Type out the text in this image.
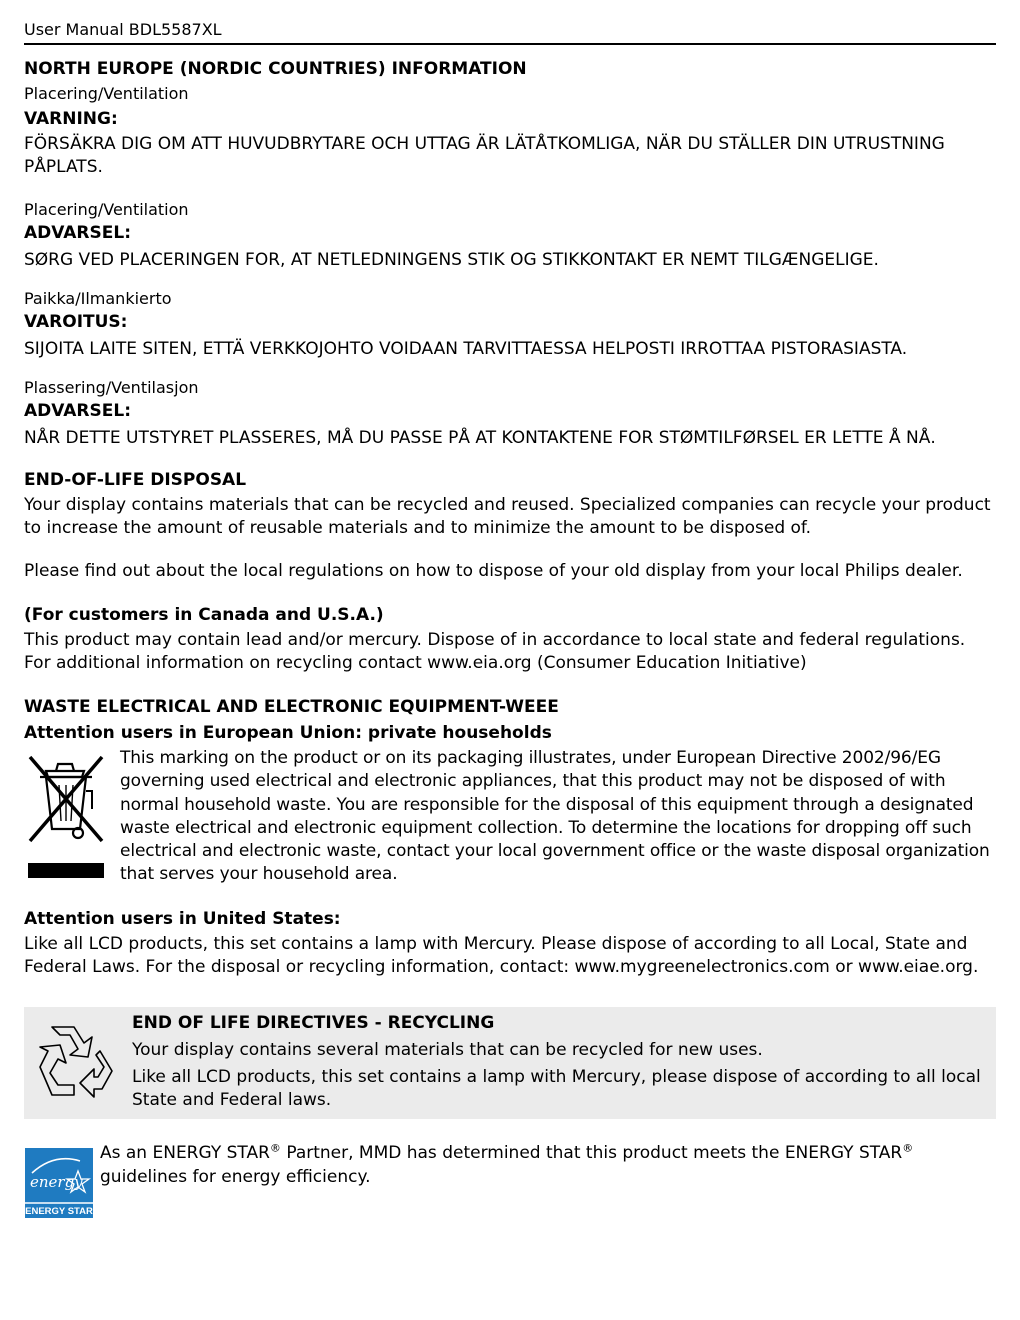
User Manual BDL5587XL
NORTH EUROPE (NORDIC COUNTRIES) INFORMATION
Placering/Ventilation
VARNING:

FÖRSÄKRA DIG OM ATT HUVUDBRYTARE OCH UTTAG ÄR LÄTÅTKOMLIGA, NÄR DU STÄLLER DIN UTRUSTNING PÅPLATS.

Placering/Ventilation
ADVARSEL:

SØRG VED PLACERINGEN FOR, AT NETLEDNINGENS STIK OG STIKKONTAKT ER NEMT TILGÆNGELIGE.

Paikka/Ilmankierto
VAROITUS:

SIJOITA LAITE SITEN, ETTÄ VERKKOJOHTO VOIDAAN TARVITTAESSA HELPOSTI IRROTTAA PISTORASIASTA.

Plassering/Ventilasjon
ADVARSEL:

NÅR DETTE UTSTYRET PLASSERES, MÅ DU PASSE PÅ AT KONTAKTENE FOR STØMTILFØRSEL ER LETTE Å NÅ.

END-OF-LIFE DISPOSAL

Your display contains materials that can be recycled and reused. Specialized companies can recycle your product to increase the amount of reusable materials and to minimize the amount to be disposed of.

Please find out about the local regulations on how to dispose of your old display from your local Philips dealer.

(For customers in Canada and U.S.A.)

This product may contain lead and/or mercury. Dispose of in accordance to local state and federal regulations. For additional information on recycling contact www.eia.org (Consumer Education Initiative)

WASTE ELECTRICAL AND ELECTRONIC EQUIPMENT-WEEE
Attention users in European Union: private households

This marking on the product or on its packaging illustrates, under European Directive 2002/96/EG governing used electrical and electronic appliances, that this product may not be disposed of with normal household waste. You are responsible for the disposal of this equipment through a designated waste electrical and electronic equipment collection. To determine the locations for dropping off such electrical and electronic waste, contact your local government office or the waste disposal organization that serves your household area.

Attention users in United States:

Like all LCD products, this set contains a lamp with Mercury. Please dispose of according to all Local, State and Federal Laws. For the disposal or recycling information, contact: www.mygreenelectronics.com or www.eiae.org.

END OF LIFE DIRECTIVES - RECYCLING

Your display contains several materials that can be recycled for new uses.

Like all LCD products, this set contains a lamp with Mercury, please dispose of according to all local State and Federal laws.

energy
ENERGY STAR

As an ENERGY STAR® Partner, MMD has determined that this product meets the ENERGY STAR® guidelines for energy efficiency.
